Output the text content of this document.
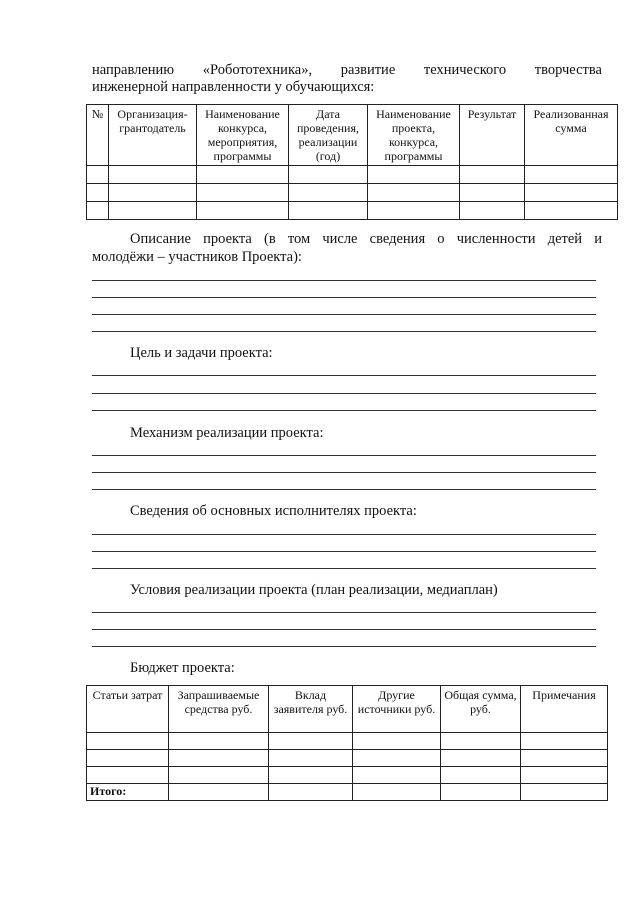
направлению «Робототехника», развитие технического творчества
инженерной направленности у обучающихся:
№	Организация-грантодатель	Наименование конкурса, мероприятия, программы	Дата проведения, реализации (год)	Наименование проекта, конкурса, программы	Результат	Реализованная сумма

Описание проекта (в том числе сведения о численности детей и
молодёжи – участников Проекта):
Цель и задачи проекта:
Механизм реализации проекта:
Сведения об основных исполнителях проекта:
Условия реализации проекта (план реализации, медиаплан)
Бюджет проекта:
Статьи затрат	Запрашиваемые средства руб.	Вклад заявителя руб.	Другие источники руб.	Общая сумма, руб.	Примечания

Итого:					
